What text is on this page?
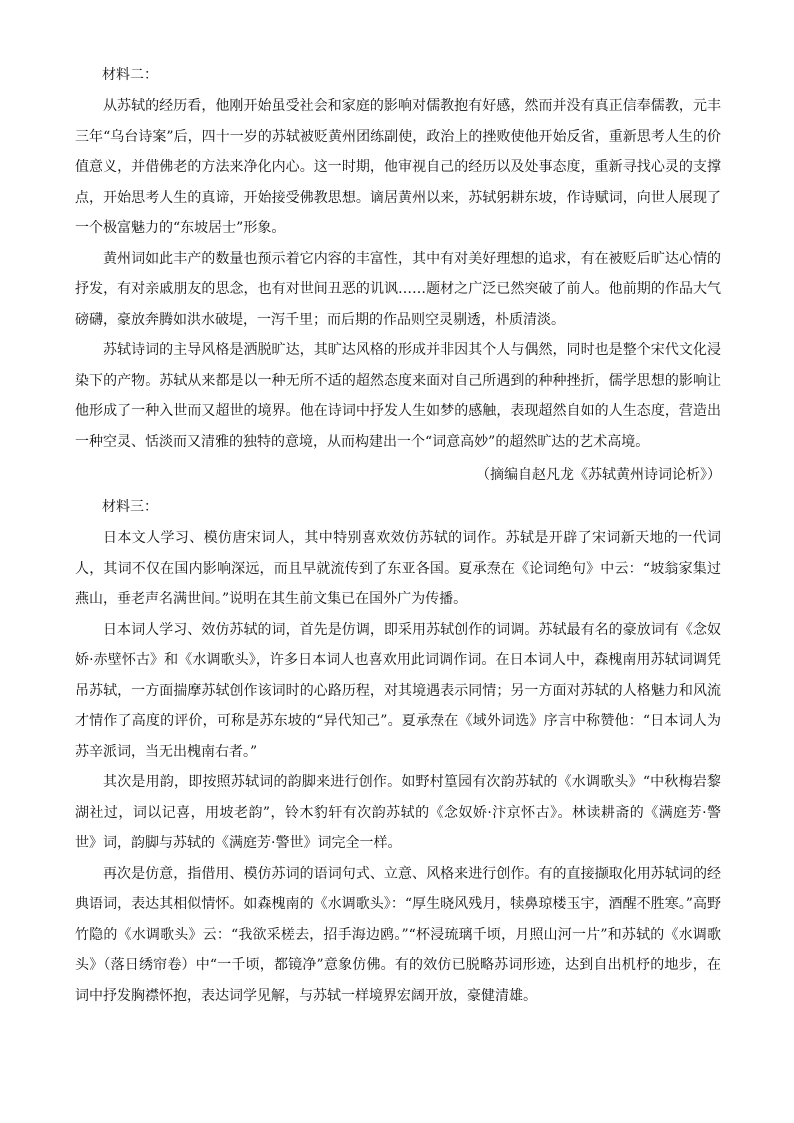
材料二：

从苏轼的经历看，他刚开始虽受社会和家庭的影响对儒教抱有好感，然而并没有真正信奉儒教，元丰三年“乌台诗案”后，四十一岁的苏轼被贬黄州团练副使，政治上的挫败使他开始反省，重新思考人生的价值意义，并借佛老的方法来净化内心。这一时期，他审视自己的经历以及处事态度，重新寻找心灵的支撑点，开始思考人生的真谛，开始接受佛教思想。谪居黄州以来，苏轼躬耕东坡，作诗赋词，向世人展现了一个极富魅力的“东坡居士”形象。

黄州词如此丰产的数量也预示着它内容的丰富性，其中有对美好理想的追求，有在被贬后旷达心情的抒发，有对亲戚朋友的思念，也有对世间丑恶的讥讽……题材之广泛已然突破了前人。他前期的作品大气磅礴，豪放奔腾如洪水破堤，一泻千里；而后期的作品则空灵剔透，朴质清淡。

苏轼诗词的主导风格是洒脱旷达，其旷达风格的形成并非因其个人与偶然，同时也是整个宋代文化浸染下的产物。苏轼从来都是以一种无所不适的超然态度来面对自己所遇到的种种挫折，儒学思想的影响让他形成了一种入世而又超世的境界。他在诗词中抒发人生如梦的感触，表现超然自如的人生态度，营造出一种空灵、恬淡而又清雅的独特的意境，从而构建出一个“词意高妙”的超然旷达的艺术高境。

（摘编自赵凡龙《苏轼黄州诗词论析》）

材料三：

日本文人学习、模仿唐宋词人，其中特别喜欢效仿苏轼的词作。苏轼是开辟了宋词新天地的一代词人，其词不仅在国内影响深远，而且早就流传到了东亚各国。夏承焘在《论词绝句》中云：“坡翁家集过燕山，垂老声名满世间。”说明在其生前文集已在国外广为传播。

日本词人学习、效仿苏轼的词，首先是仿调，即采用苏轼创作的词调。苏轼最有名的豪放词有《念奴娇·赤壁怀古》和《水调歌头》，许多日本词人也喜欢用此词调作词。在日本词人中，森槐南用苏轼词调凭吊苏轼，一方面揣摩苏轼创作该词时的心路历程，对其境遇表示同情；另一方面对苏轼的人格魅力和风流才情作了高度的评价，可称是苏东坡的“异代知己”。夏承焘在《域外词选》序言中称赞他：“日本词人为苏辛派词，当无出槐南右者。”

其次是用韵，即按照苏轼词的韵脚来进行创作。如野村篁园有次韵苏轼的《水调歌头》“中秋梅岩黎湖社过，词以记喜，用坡老韵”，铃木豹轩有次韵苏轼的《念奴娇·汴京怀古》。林读耕斋的《满庭芳·警世》词，韵脚与苏轼的《满庭芳·警世》词完全一样。

再次是仿意，指借用、模仿苏词的语词句式、立意、风格来进行创作。有的直接撷取化用苏轼词的经典语词，表达其相似情怀。如森槐南的《水调歌头》：“厚生晓风残月，犊鼻琼楼玉宇，酒醒不胜寒。”高野竹隐的《水调歌头》云：“我欲采槎去，招手海边鸥。”“杯浸琉璃千顷，月照山河一片”和苏轼的《水调歌头》（落日绣帘卷）中“一千顷，都镜净”意象仿佛。有的效仿已脱略苏词形迹，达到自出机杼的地步，在词中抒发胸襟怀抱，表达词学见解，与苏轼一样境界宏阔开放，豪健清雄。
